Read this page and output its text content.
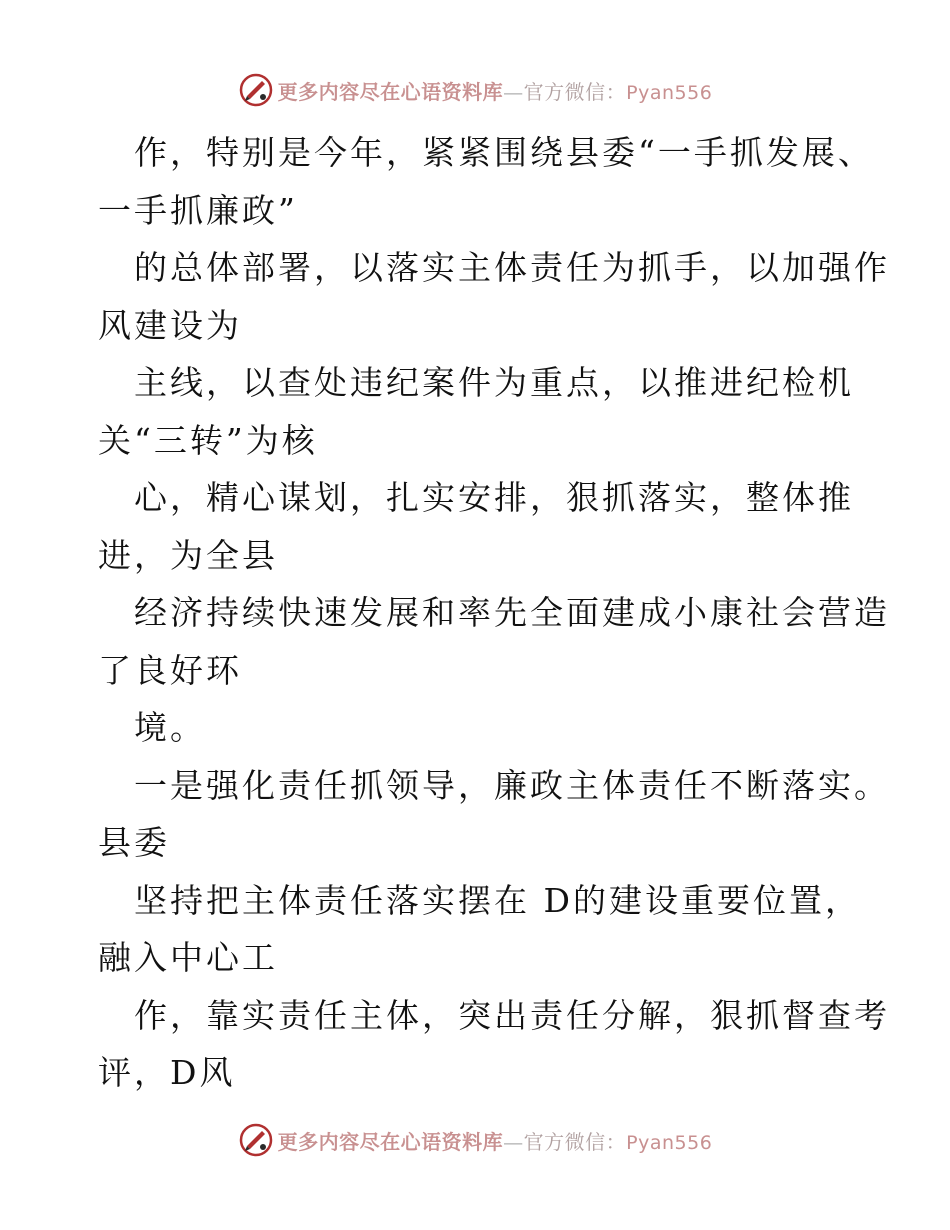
更多内容尽在心语资料库—官方微信：Pyan556
作，特别是今年，紧紧围绕县委“一手抓发展、
一手抓廉政”
的总体部署，以落实主体责任为抓手，以加强作
风建设为
主线，以查处违纪案件为重点，以推进纪检机
关“三转”为核
心，精心谋划，扎实安排，狠抓落实，整体推
进，为全县
经济持续快速发展和率先全面建成小康社会营造
了良好环
境。
一是强化责任抓领导，廉政主体责任不断落实。
县委
坚持把主体责任落实摆在 D的建设重要位置，
融入中心工
作，靠实责任主体，突出责任分解，狠抓督查考
评，D风
更多内容尽在心语资料库—官方微信：Pyan556
